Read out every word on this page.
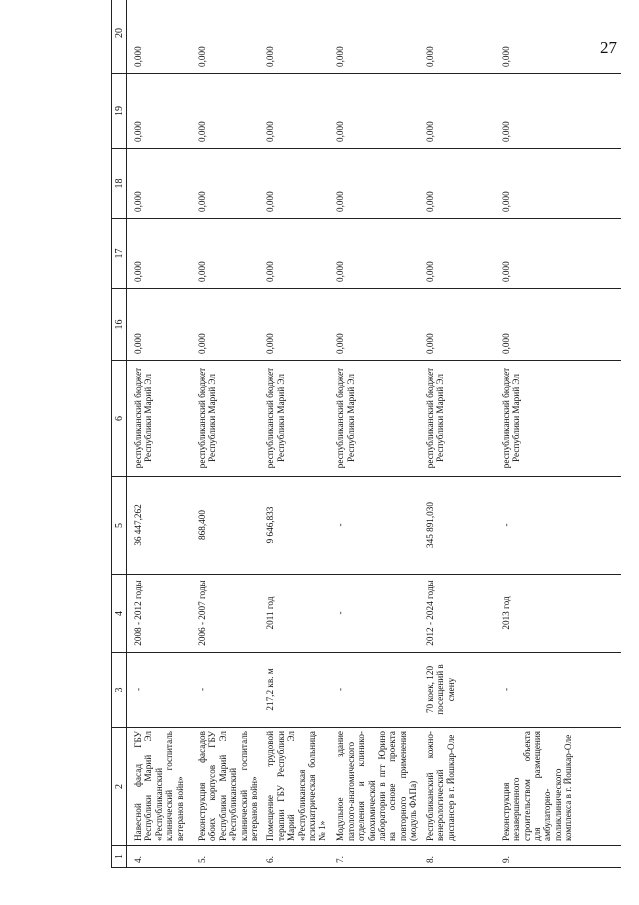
27
1	2	3	4	5	6	16	17	18	19	20
4.	Навесной фасад ГБУ Республики Марий Эл «Республиканский клинический госпиталь ветеранов войн»	-	2008 - 2012 годы	36 447,262	республиканский бюджет Республики Марий Эл	0,000	0,000	0,000	0,000	0,000
5.	Реконструкция фасадов обоих корпусов ГБУ Республики Марий Эл «Республиканский клинический госпиталь ветеранов войн»	-	2006 - 2007 годы	868,400	республиканский бюджет Республики Марий Эл	0,000	0,000	0,000	0,000	0,000
6.	Помещение трудовой терапии ГБУ Республики Марий Эл «Республиканская психиатрическая больница № 1»	217,2 кв. м	2011 год	9 646,833	республиканский бюджет Республики Марий Эл	0,000	0,000	0,000	0,000	0,000
7.	Модульное здание патолого-анатомического отделения и клинико-биохимической лаборатории в пгт Юрино на основе проекта повторного применения (модуль ФАПа)	-	-	-	республиканский бюджет Республики Марий Эл	0,000	0,000	0,000	0,000	0,000
8.	Республиканский кожно-венерологический диспансер в г. Йошкар-Оле	70 коек, 120 посещений в смену	2012 - 2024 годы	345 891,030	республиканский бюджет Республики Марий Эл	0,000	0,000	0,000	0,000	0,000
9.	Реконструкция незавершенного строительством объекта для размещения амбулаторно-поликлинического комплекса в г. Йошкар-Оле	-	2013 год	-	республиканский бюджет Республики Марий Эл	0,000	0,000	0,000	0,000	0,000
